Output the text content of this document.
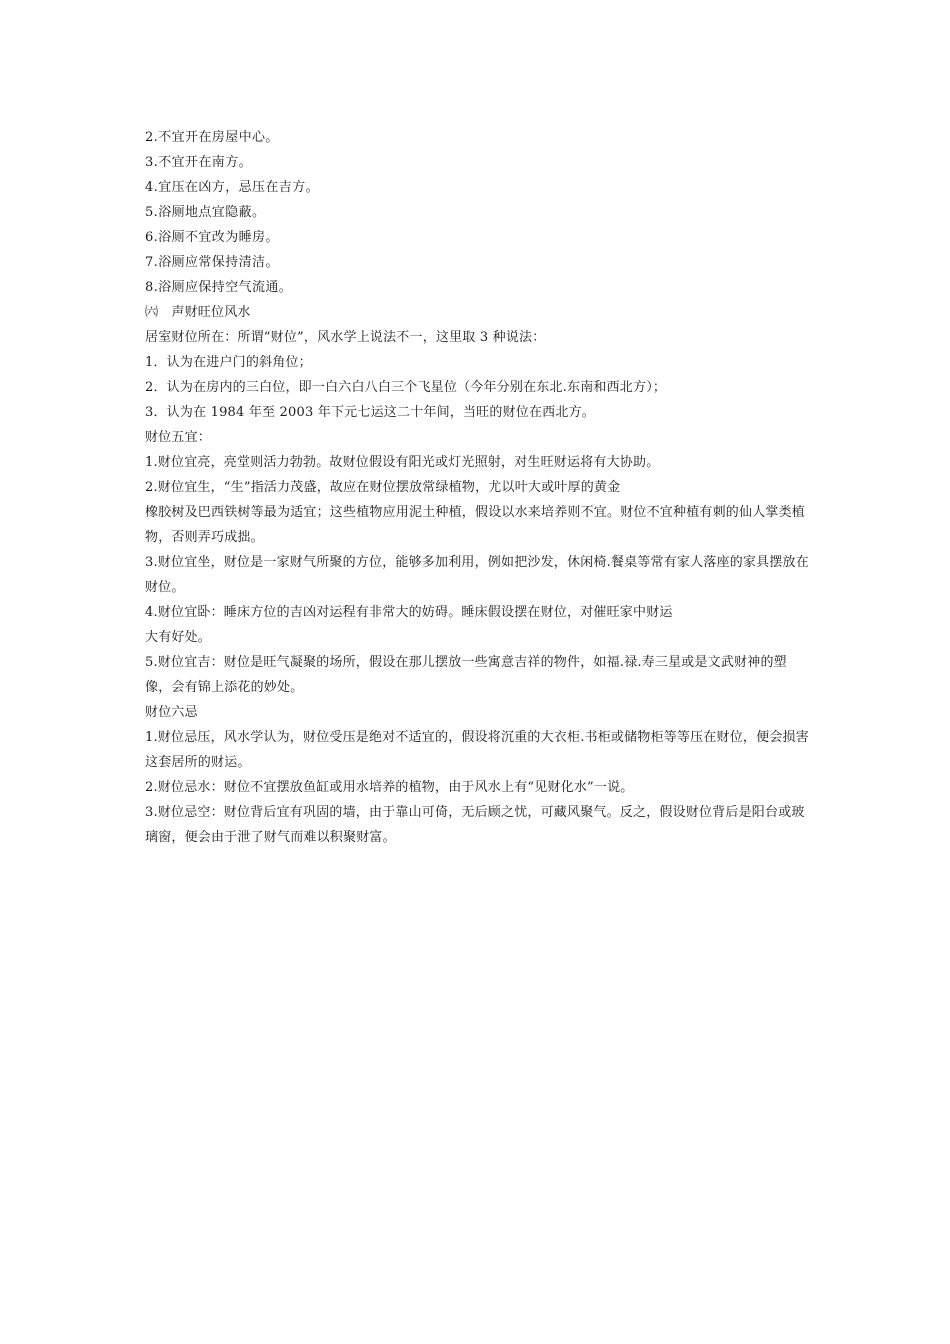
2.不宜开在房屋中心。

3.不宜开在南方。

4.宜压在凶方，忌压在吉方。

5.浴厕地点宜隐蔽。

6.浴厕不宜改为睡房。

7.浴厕应常保持清洁。

8.浴厕应保持空气流通。

㈥　声财旺位风水

居室财位所在：所谓“财位”，风水学上说法不一，这里取 3 种说法：

1．认为在进户门的斜角位；

2．认为在房内的三白位，即一白六白八白三个飞星位（今年分别在东北.东南和西北方）；

3．认为在 1984 年至 2003 年下元七运这二十年间，当旺的财位在西北方。

财位五宜：

1.财位宜亮，亮堂则活力勃勃。故财位假设有阳光或灯光照射，对生旺财运将有大协助。

2.财位宜生，“生”指活力茂盛，故应在财位摆放常绿植物，尤以叶大或叶厚的黄金

橡胶树及巴西铁树等最为适宜；这些植物应用泥土种植，假设以水来培养则不宜。财位不宜种植有刺的仙人掌类植物，否则弄巧成拙。

3.财位宜坐，财位是一家财气所聚的方位，能够多加利用，例如把沙发，休闲椅.餐桌等常有家人落座的家具摆放在财位。

4.财位宜卧：睡床方位的吉凶对运程有非常大的妨碍。睡床假设摆在财位，对催旺家中财运

大有好处。

5.财位宜吉：财位是旺气凝聚的场所，假设在那儿摆放一些寓意吉祥的物件，如福.禄.寿三星或是文武财神的塑像，会有锦上添花的妙处。

财位六忌

1.财位忌压，风水学认为，财位受压是绝对不适宜的，假设将沉重的大衣柜.书柜或储物柜等等压在财位，便会损害这套居所的财运。

2.财位忌水：财位不宜摆放鱼缸或用水培养的植物，由于风水上有“见财化水”一说。

3.财位忌空：财位背后宜有巩固的墙，由于靠山可倚，无后顾之忧，可藏风聚气。反之，假设财位背后是阳台或玻璃窗，便会由于泄了财气而难以积聚财富。
